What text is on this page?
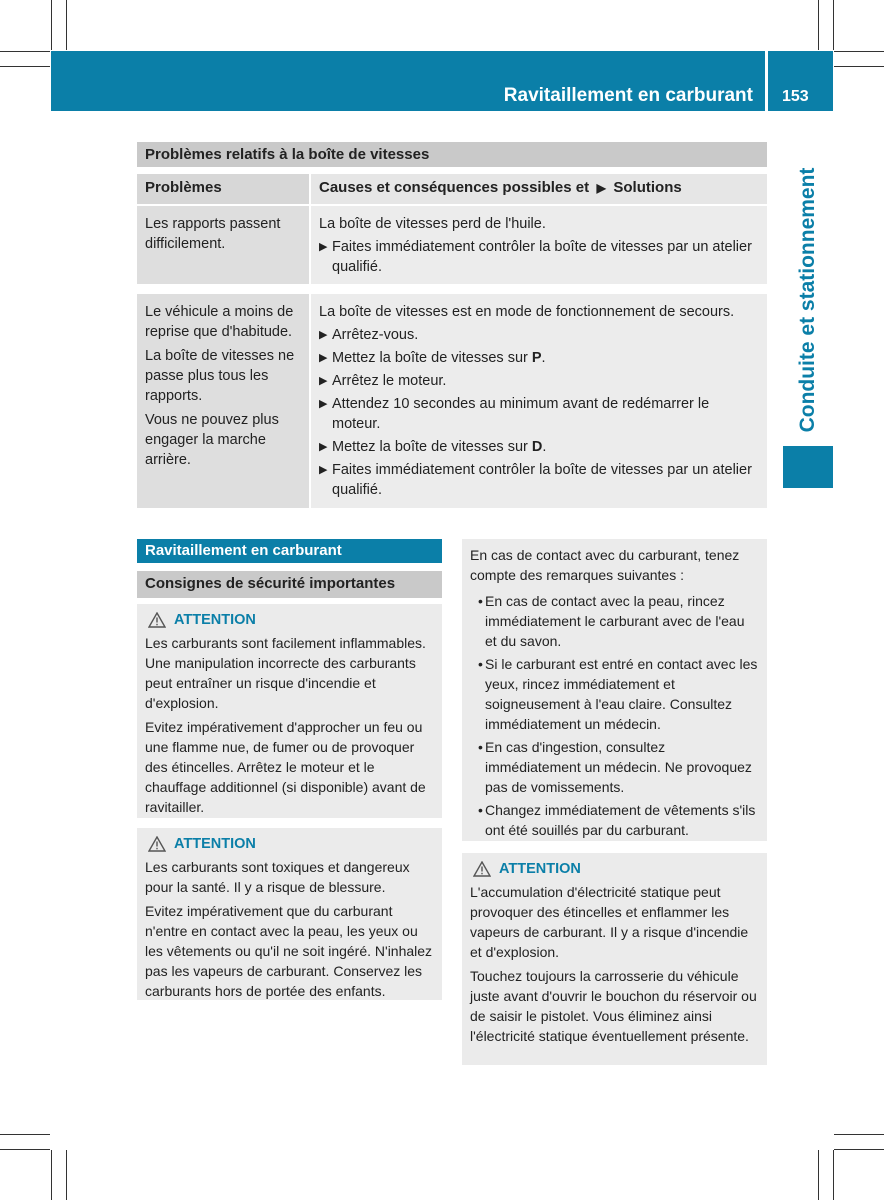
Ravitaillement en carburant 153
Conduite et stationnement
Problèmes relatifs à la boîte de vitesses
Problèmes	Causes et conséquences possibles et  ▶  Solutions

Les rapports passent difficilement.

La boîte de vitesses perd de l'huile.

▶ Faites immédiatement contrôler la boîte de vitesses par un atelier qualifié.

Le véhicule a moins de reprise que d'habitude.

La boîte de vitesses ne passe plus tous les rapports.

Vous ne pouvez plus engager la marche arrière.

La boîte de vitesses est en mode de fonctionnement de secours.

▶ Arrêtez-vous.
▶ Mettez la boîte de vitesses sur P.
▶ Arrêtez le moteur.
▶ Attendez 10 secondes au minimum avant de redémarrer le moteur.
▶ Mettez la boîte de vitesses sur D.
▶ Faites immédiatement contrôler la boîte de vitesses par un atelier qualifié.
Ravitaillement en carburant
Consignes de sécurité importantes
ATTENTION

Les carburants sont facilement inflammables. Une manipulation incorrecte des carburants peut entraîner un risque d'incendie et d'explosion.

Evitez impérativement d'approcher un feu ou une flamme nue, de fumer ou de provoquer des étincelles. Arrêtez le moteur et le chauffage additionnel (si disponible) avant de ravitailler.

ATTENTION

Les carburants sont toxiques et dangereux pour la santé. Il y a risque de blessure.

Evitez impérativement que du carburant n'entre en contact avec la peau, les yeux ou les vêtements ou qu'il ne soit ingéré. N'inhalez pas les vapeurs de carburant. Conservez les carburants hors de portée des enfants.

En cas de contact avec du carburant, tenez compte des remarques suivantes :

• En cas de contact avec la peau, rincez immédiatement le carburant avec de l'eau et du savon.
• Si le carburant est entré en contact avec les yeux, rincez immédiatement et soigneusement à l'eau claire. Consultez immédiatement un médecin.
• En cas d'ingestion, consultez immédiatement un médecin. Ne provoquez pas de vomissements.
• Changez immédiatement de vêtements s'ils ont été souillés par du carburant.
ATTENTION

L'accumulation d'électricité statique peut provoquer des étincelles et enflammer les vapeurs de carburant. Il y a risque d'incendie et d'explosion.

Touchez toujours la carrosserie du véhicule juste avant d'ouvrir le bouchon du réservoir ou de saisir le pistolet. Vous éliminez ainsi l'électricité statique éventuellement présente.
